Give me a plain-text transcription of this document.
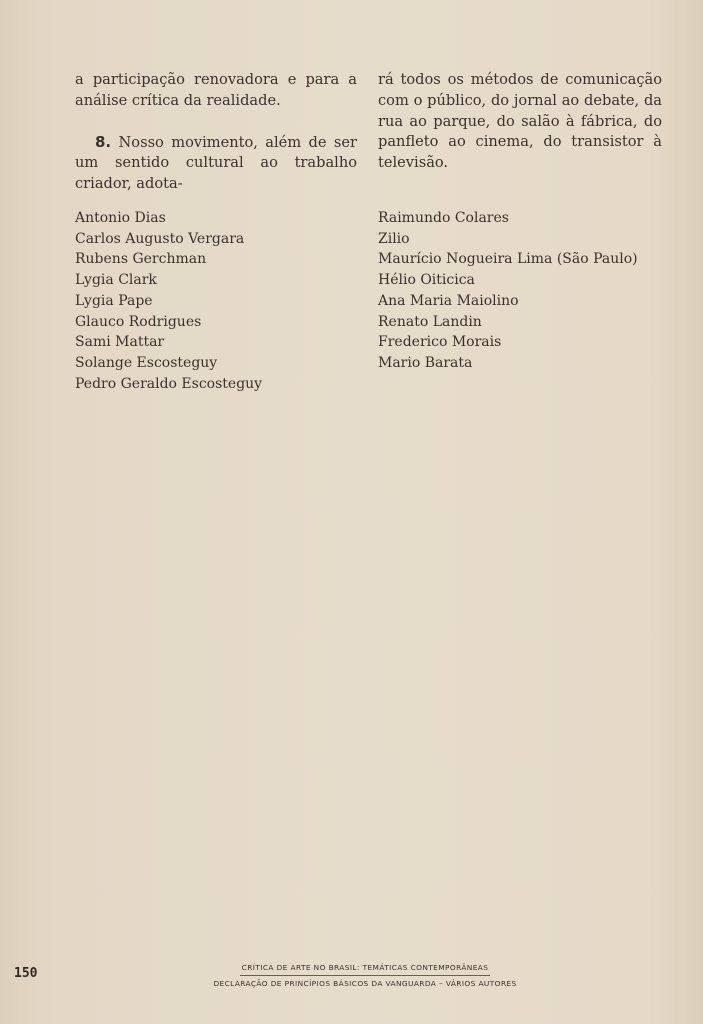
a participação renovadora e para a análise crítica da realidade.

8. Nosso movimento, além de ser um sentido cultural ao trabalho criador, adota-

rá todos os métodos de comunicação com o público, do jornal ao debate, da rua ao parque, do salão à fábrica, do panfleto ao cinema, do transistor à televisão.

Antonio Dias
Carlos Augusto Vergara
Rubens Gerchman
Lygia Clark
Lygia Pape
Glauco Rodrigues
Sami Mattar
Solange Escosteguy
Pedro Geraldo Escosteguy
Raimundo Colares
Zilio
Maurício Nogueira Lima (São Paulo)
Hélio Oiticica
Ana Maria Maiolino
Renato Landin
Frederico Morais
Mario Barata
150	CRÍTICA DE ARTE NO BRASIL: TEMÁTICAS CONTEMPORÂNEAS
DECLARAÇÃO DE PRINCÍPIOS BÁSICOS DA VANGUARDA – VÁRIOS AUTORES
